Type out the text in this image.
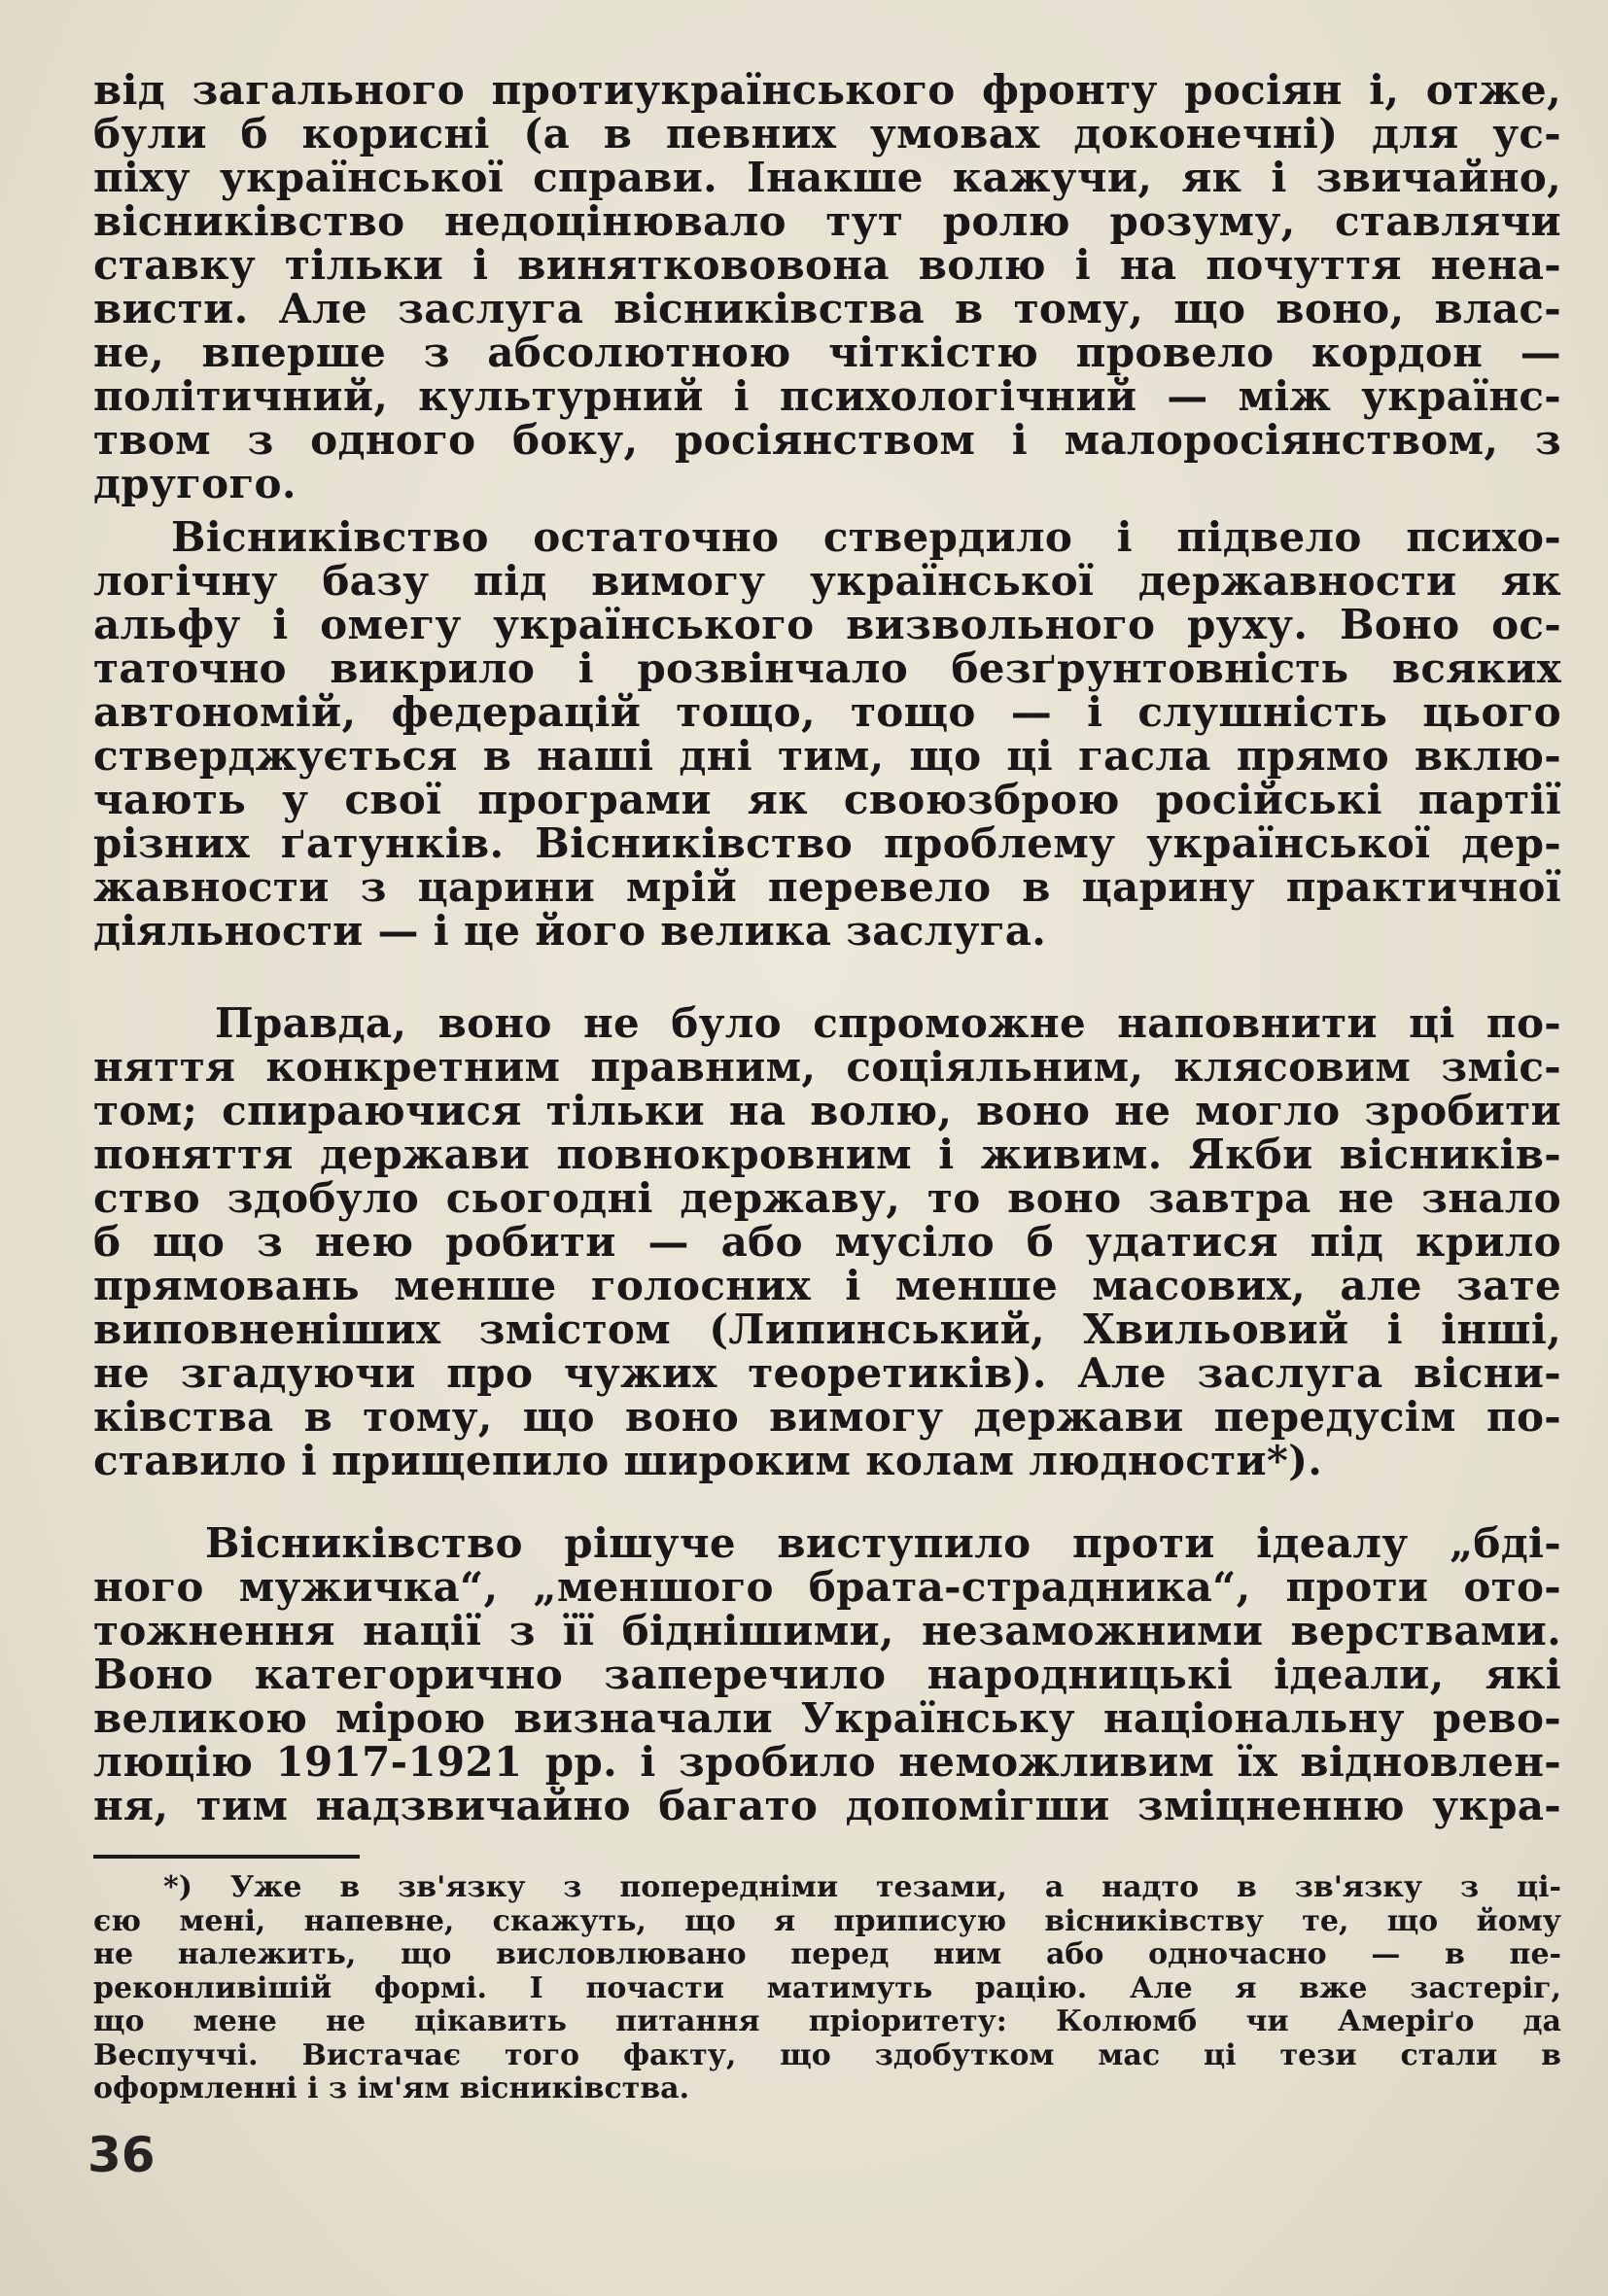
від загального протиукраїнського фронту росіян і, отже,
були б корисні (а в певних умовах доконечні) для ус-
піху української справи. Інакше кажучи, як і звичайно,
вісниківство недоцінювало тут ролю розуму, ставлячи
ставку тільки і виняткововона волю і на почуття нена-
висти. Але заслуга вісниківства в тому, що воно, влас-
не, вперше з абсолютною чіткістю провело кордон —
політичний, культурний і психологічний — між українс-
твом з одного боку, росіянством і малоросіянством, з
другого.
Вісниківство остаточно ствердило і підвело психо-
логічну базу під вимогу української державности як
альфу і омегу українського визвольного руху. Воно ос-
таточно викрило і розвінчало безґрунтовність всяких
автономій, федерацій тощо, тощо — і слушність цього
стверджується в наші дні тим, що ці гасла прямо вклю-
чають у свої програми як своюзброю російські партії
різних ґатунків. Вісниківство проблему української дер-
жавности з царини мрій перевело в царину практичної
діяльности — і це його велика заслуга.
Правда, воно не було спроможне наповнити ці по-
няття конкретним правним, соціяльним, клясовим зміс-
том; спираючися тільки на волю, воно не могло зробити
поняття держави повнокровним і живим. Якби вісників-
ство здобуло сьогодні державу, то воно завтра не знало
б що з нею робити — або мусіло б удатися під крило
прямовань менше голосних і менше масових, але зате
виповненіших змістом (Липинський, Хвильовий і інші,
не згадуючи про чужих теоретиків). Але заслуга вісни-
ківства в тому, що воно вимогу держави передусім по-
ставило і прищепило широким колам людности*).
Вісниківство рішуче виступило проти ідеалу „бді-
ного мужичка“, „меншого брата-страдника“, проти ото-
тожнення нації з її біднішими, незаможними верствами.
Воно категорично заперечило народницькі ідеали, які
великою мірою визначали Українську національну рево-
люцію 1917-1921 рр. і зробило неможливим їх відновлен-
ня, тим надзвичайно багато допомігши зміцненню укра-
*) Уже в зв'язку з попередніми тезами, а надто в зв'язку з ці-
єю мені, напевне, скажуть, що я приписую вісниківству те, що йому
не належить, що висловлювано перед ним або одночасно — в пе-
реконливішій формі. І почасти матимуть рацію. Але я вже застеріг,
що мене не цікавить питання пріоритету: Колюмб чи Амеріґо да
Веспуччі. Вистачає того факту, що здобутком мас ці тези стали в
оформленні і з ім'ям вісниківства.
36
